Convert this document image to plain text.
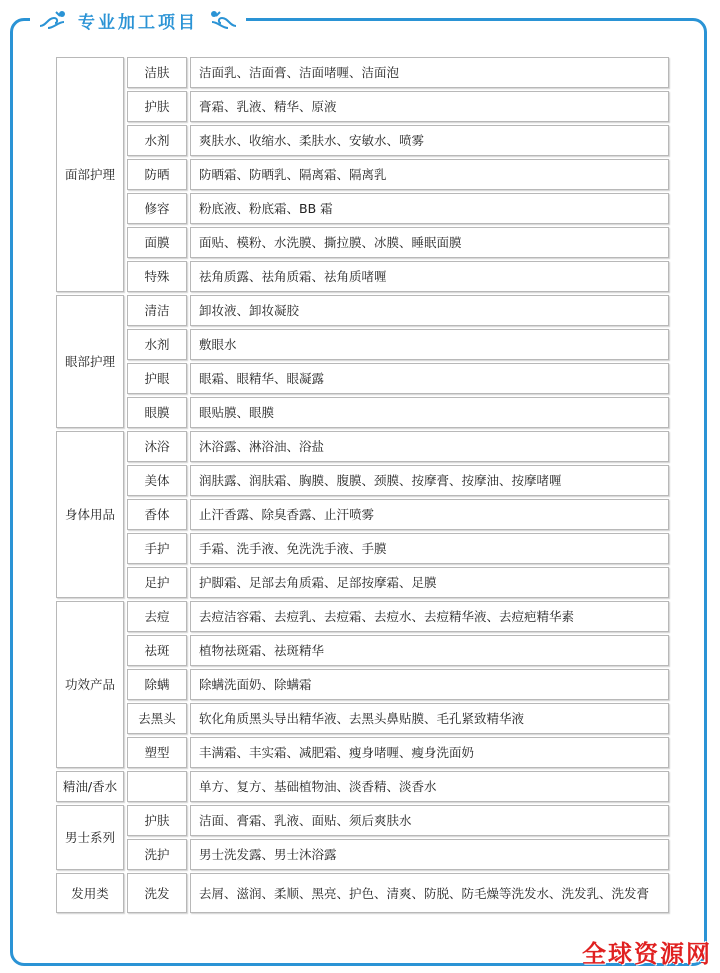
专业加工项目
面部护理	洁肤	洁面乳、洁面膏、洁面啫喱、洁面泡
	护肤	膏霜、乳液、精华、原液
	水剂	爽肤水、收缩水、柔肤水、安敏水、喷雾
	防晒	防晒霜、防晒乳、隔离霜、隔离乳
	修容	粉底液、粉底霜、BB 霜
	面膜	面贴、模粉、水洗膜、撕拉膜、冰膜、睡眠面膜
	特殊	祛角质露、祛角质霜、祛角质啫喱
眼部护理	清洁	卸妆液、卸妆凝胶
	水剂	敷眼水
	护眼	眼霜、眼精华、眼凝露
	眼膜	眼贴膜、眼膜
身体用品	沐浴	沐浴露、淋浴油、浴盐
	美体	润肤露、润肤霜、胸膜、腹膜、颈膜、按摩膏、按摩油、按摩啫喱
	香体	止汗香露、除臭香露、止汗喷雾
	手护	手霜、洗手液、免洗洗手液、手膜
	足护	护脚霜、足部去角质霜、足部按摩霜、足膜
功效产品	去痘	去痘洁容霜、去痘乳、去痘霜、去痘水、去痘精华液、去痘疤精华素
	祛斑	植物祛斑霜、祛斑精华
	除螨	除螨洗面奶、除螨霜
	去黑头	软化角质黑头导出精华液、去黑头鼻贴膜、毛孔紧致精华液
	塑型	丰满霜、丰实霜、减肥霜、瘦身啫喱、瘦身洗面奶
精油/香水		单方、复方、基础植物油、淡香精、淡香水
男士系列	护肤	洁面、膏霜、乳液、面贴、须后爽肤水
	洗护	男士洗发露、男士沐浴露
发用类	洗发	去屑、滋润、柔顺、黑亮、护色、清爽、防脱、防毛燥等洗发水、洗发乳、洗发膏
全球资源网
